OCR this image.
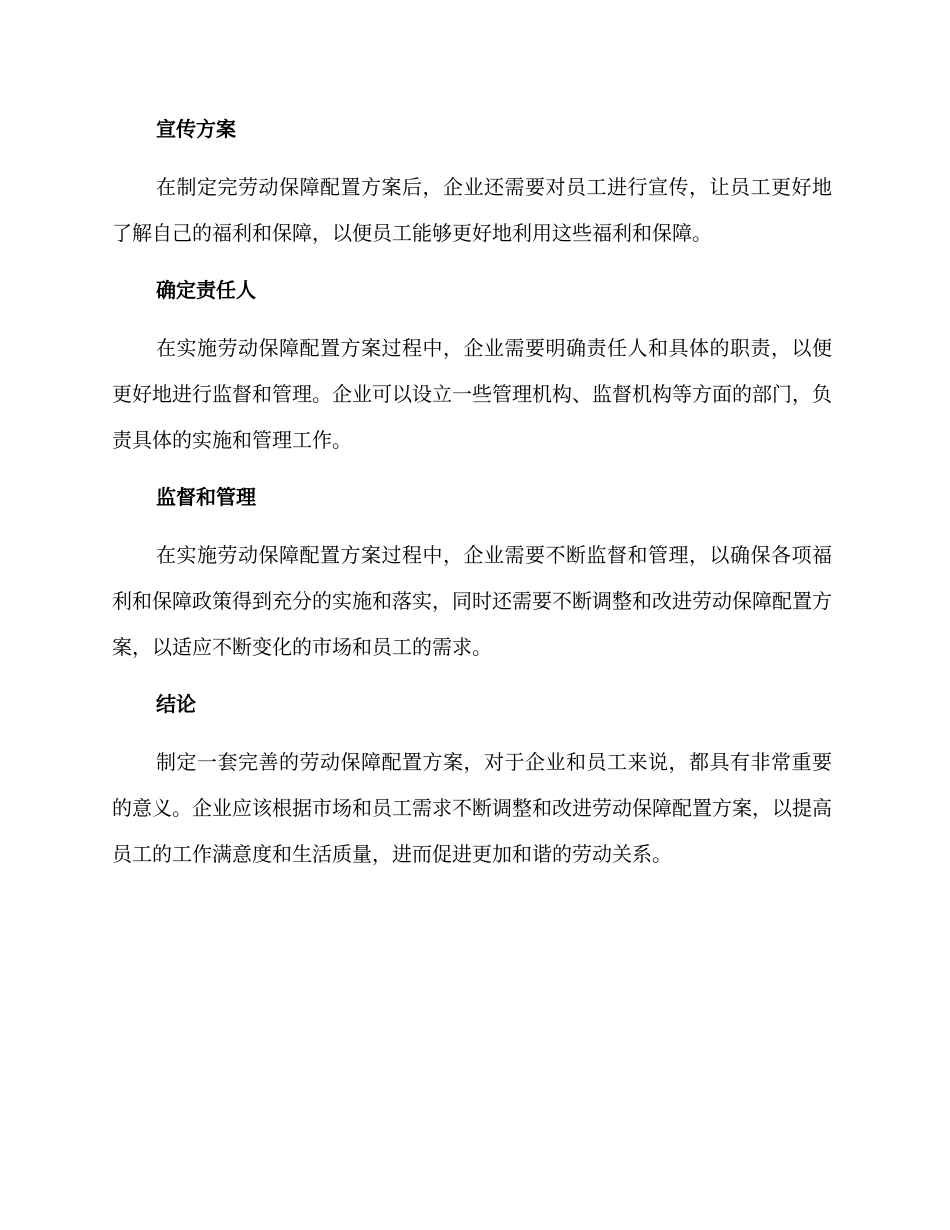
宣传方案

在制定完劳动保障配置方案后，企业还需要对员工进行宣传，让员工更好地了解自己的福利和保障，以便员工能够更好地利用这些福利和保障。

确定责任人

在实施劳动保障配置方案过程中，企业需要明确责任人和具体的职责，以便更好地进行监督和管理。企业可以设立一些管理机构、监督机构等方面的部门，负责具体的实施和管理工作。

监督和管理

在实施劳动保障配置方案过程中，企业需要不断监督和管理，以确保各项福利和保障政策得到充分的实施和落实，同时还需要不断调整和改进劳动保障配置方案，以适应不断变化的市场和员工的需求。

结论

制定一套完善的劳动保障配置方案，对于企业和员工来说，都具有非常重要的意义。企业应该根据市场和员工需求不断调整和改进劳动保障配置方案，以提高员工的工作满意度和生活质量，进而促进更加和谐的劳动关系。
